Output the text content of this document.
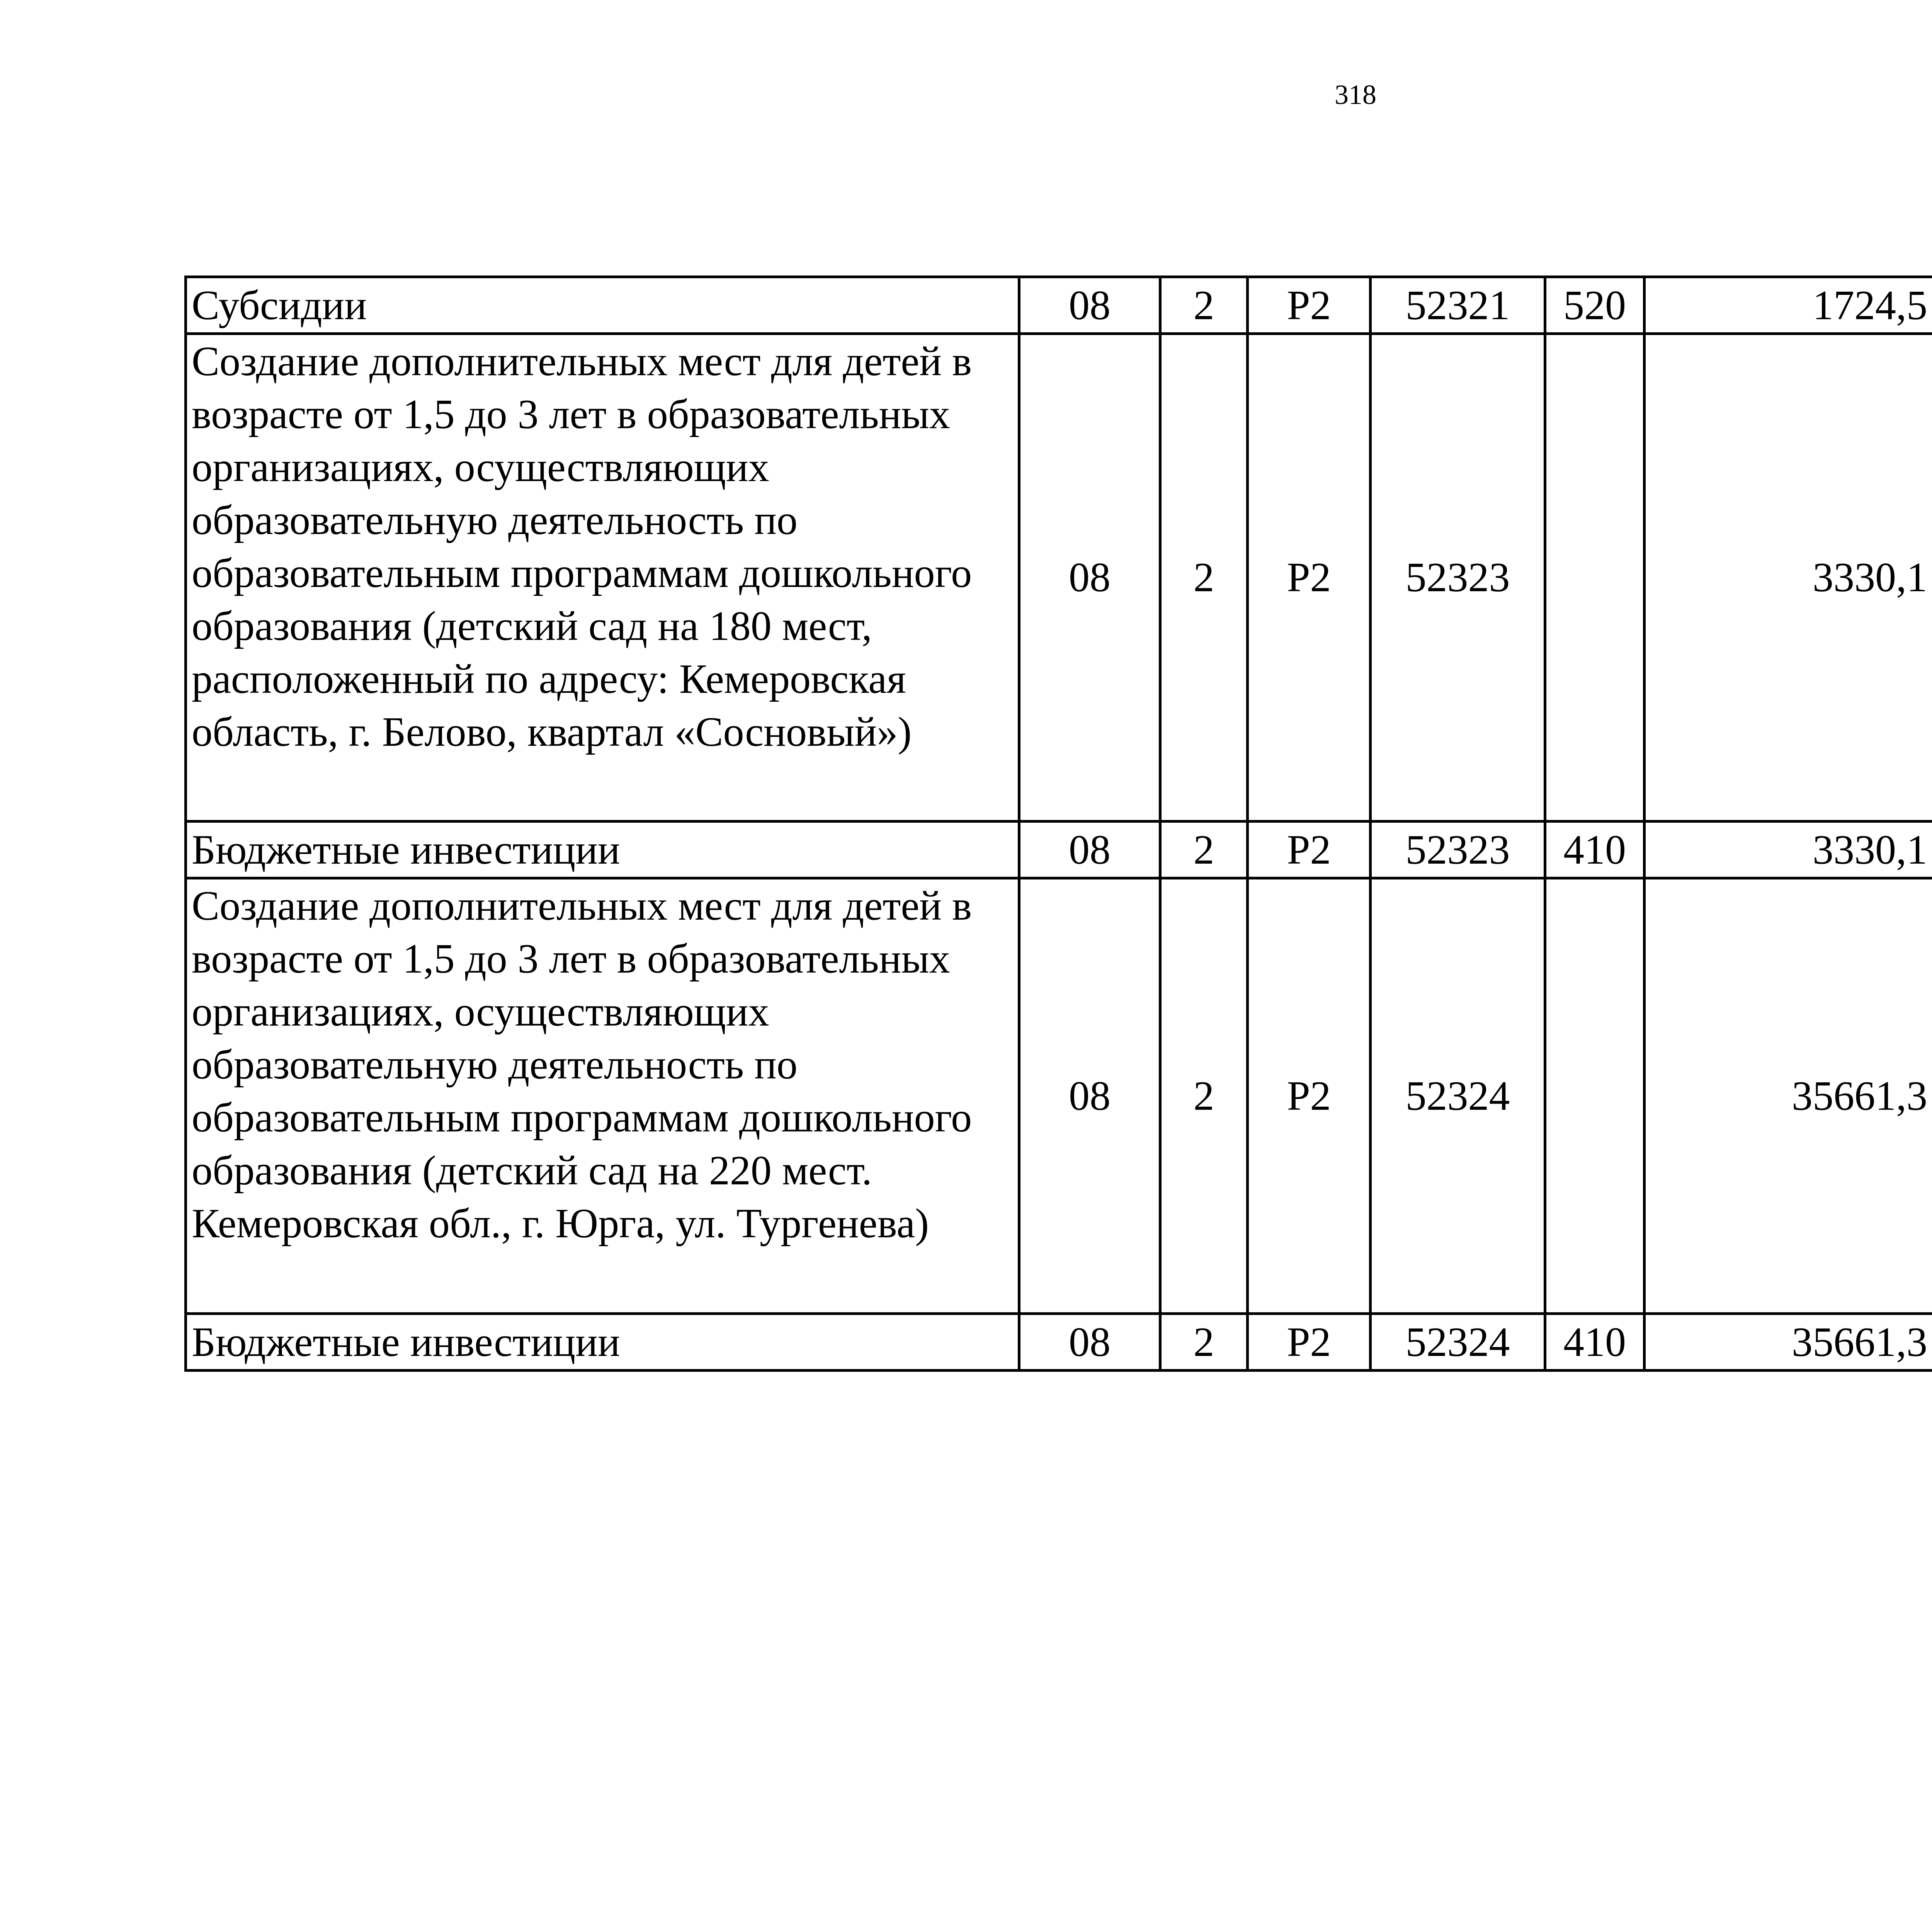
318
Субсидии	08	2	Р2	52321	520	1724,5		
Создание дополнительных мест для детей в возрасте от 1,5 до 3 лет в образовательных организациях, осуществляющих образовательную деятельность по образовательным программам дошкольного образования (детский сад на 180 мест, расположенный по адресу: Кемеровская область, г. Белово, квартал «Сосновый»)	08	2	Р2	52323		3330,1		
Бюджетные инвестиции	08	2	Р2	52323	410	3330,1		
Создание дополнительных мест для детей в возрасте от 1,5 до 3 лет в образовательных организациях, осуществляющих образовательную деятельность по образовательным программам дошкольного образования (детский сад на 220 мест. Кемеровская обл., г. Юрга, ул. Тургенева)	08	2	Р2	52324		35661,3		
Бюджетные инвестиции	08	2	Р2	52324	410	35661,3		
